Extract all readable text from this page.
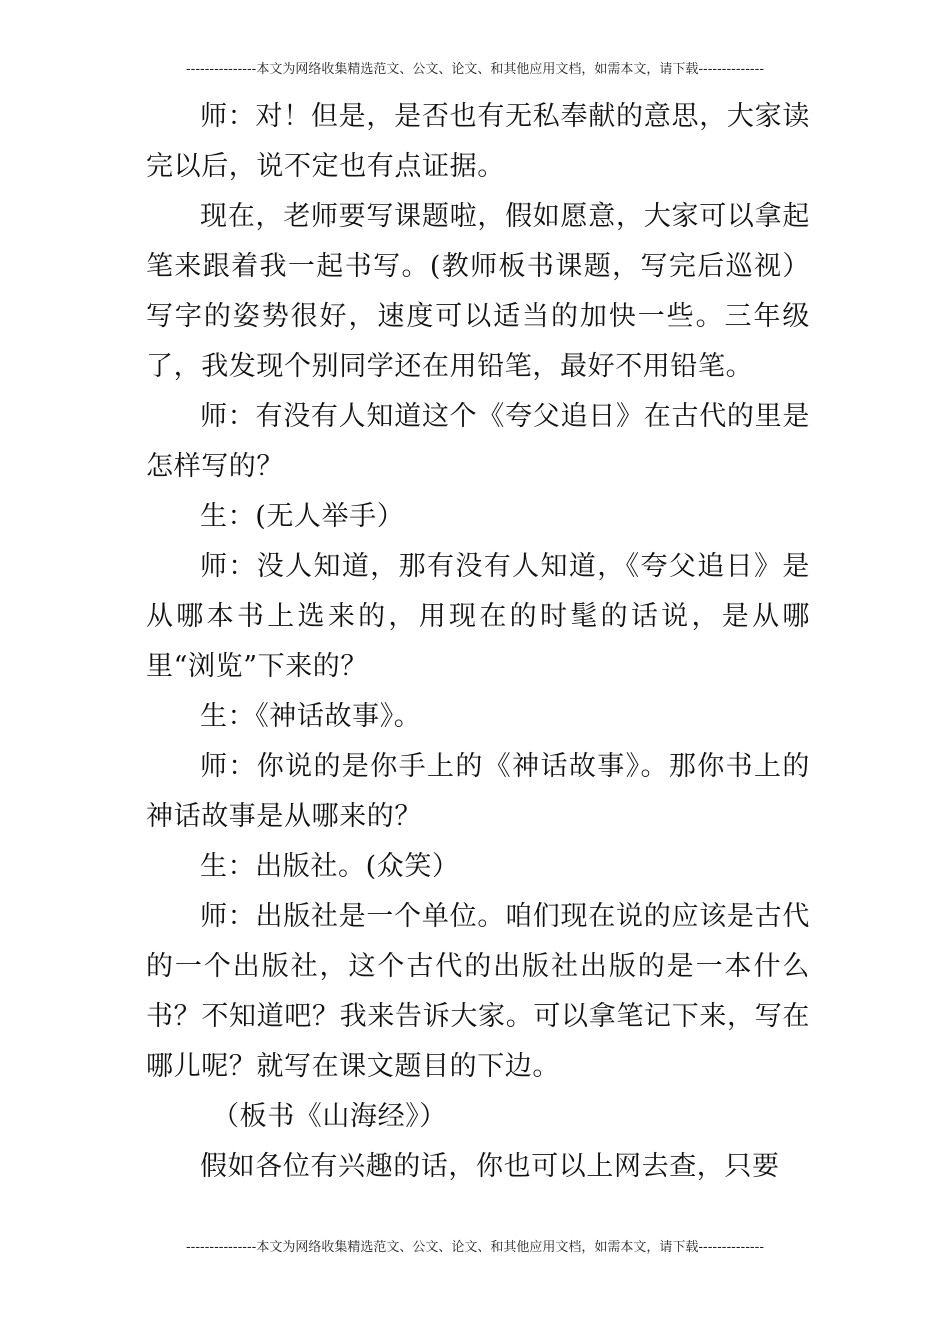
---------------本文为网络收集精选范文、公文、论文、和其他应用文档，如需本文，请下载--------------

师：对！但是，是否也有无私奉献的意思，大家读完以后，说不定也有点证据。

现在，老师要写课题啦，假如愿意，大家可以拿起笔来跟着我一起书写。(教师板书课题，写完后巡视）写字的姿势很好，速度可以适当的加快一些。三年级了，我发现个别同学还在用铅笔，最好不用铅笔。

师：有没有人知道这个《夸父追日》在古代的里是怎样写的？

生：(无人举手）

师：没人知道，那有没有人知道，《夸父追日》是从哪本书上选来的，用现在的时髦的话说，是从哪里“浏览”下来的？

生：《神话故事》。

师：你说的是你手上的《神话故事》。那你书上的神话故事是从哪来的？

生：出版社。(众笑）

师：出版社是一个单位。咱们现在说的应该是古代的一个出版社，这个古代的出版社出版的是一本什么书？不知道吧？我来告诉大家。可以拿笔记下来，写在哪儿呢？就写在课文题目的下边。

（板书《山海经》）

假如各位有兴趣的话，你也可以上网去查，只要

---------------本文为网络收集精选范文、公文、论文、和其他应用文档，如需本文，请下载--------------
